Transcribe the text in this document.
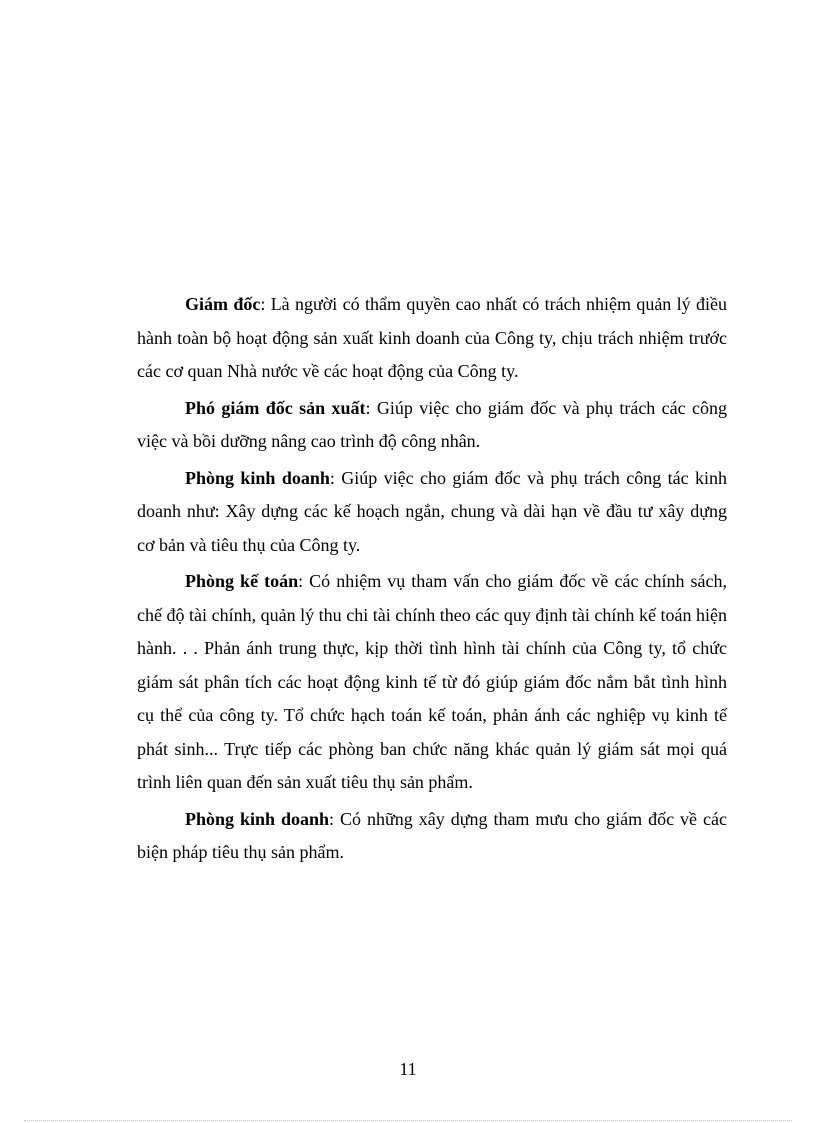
Giám đốc: Là người có thẩm quyền cao nhất có trách nhiệm quản lý điều hành toàn bộ hoạt động sản xuất kinh doanh của Công ty, chịu trách nhiệm trước các cơ quan Nhà nước về các hoạt động của Công ty.

Phó giám đốc sản xuất: Giúp việc cho giám đốc và phụ trách các công việc và bồi dưỡng nâng cao trình độ công nhân.

Phòng kinh doanh: Giúp việc cho giám đốc và phụ trách công tác kinh doanh như: Xây dựng các kế hoạch ngắn, chung và dài hạn về đầu tư xây dựng cơ bản và tiêu thụ của Công ty.

Phòng kế toán: Có nhiệm vụ tham vấn cho giám đốc về các chính sách, chế độ tài chính, quản lý thu chi tài chính theo các quy định tài chính kế toán hiện hành. . . Phản ánh trung thực, kịp thời tình hình tài chính của Công ty, tổ chức giám sát phân tích các hoạt động kinh tế từ đó giúp giám đốc nắm bắt tình hình cụ thể của công ty. Tổ chức hạch toán kế toán, phản ánh các nghiệp vụ kinh tế phát sinh... Trực tiếp các phòng ban chức năng khác quản lý giám sát mọi quá trình liên quan đến sản xuất tiêu thụ sản phẩm.

Phòng kinh doanh: Có những xây dựng tham mưu cho giám đốc về các biện pháp tiêu thụ sản phẩm.

11
